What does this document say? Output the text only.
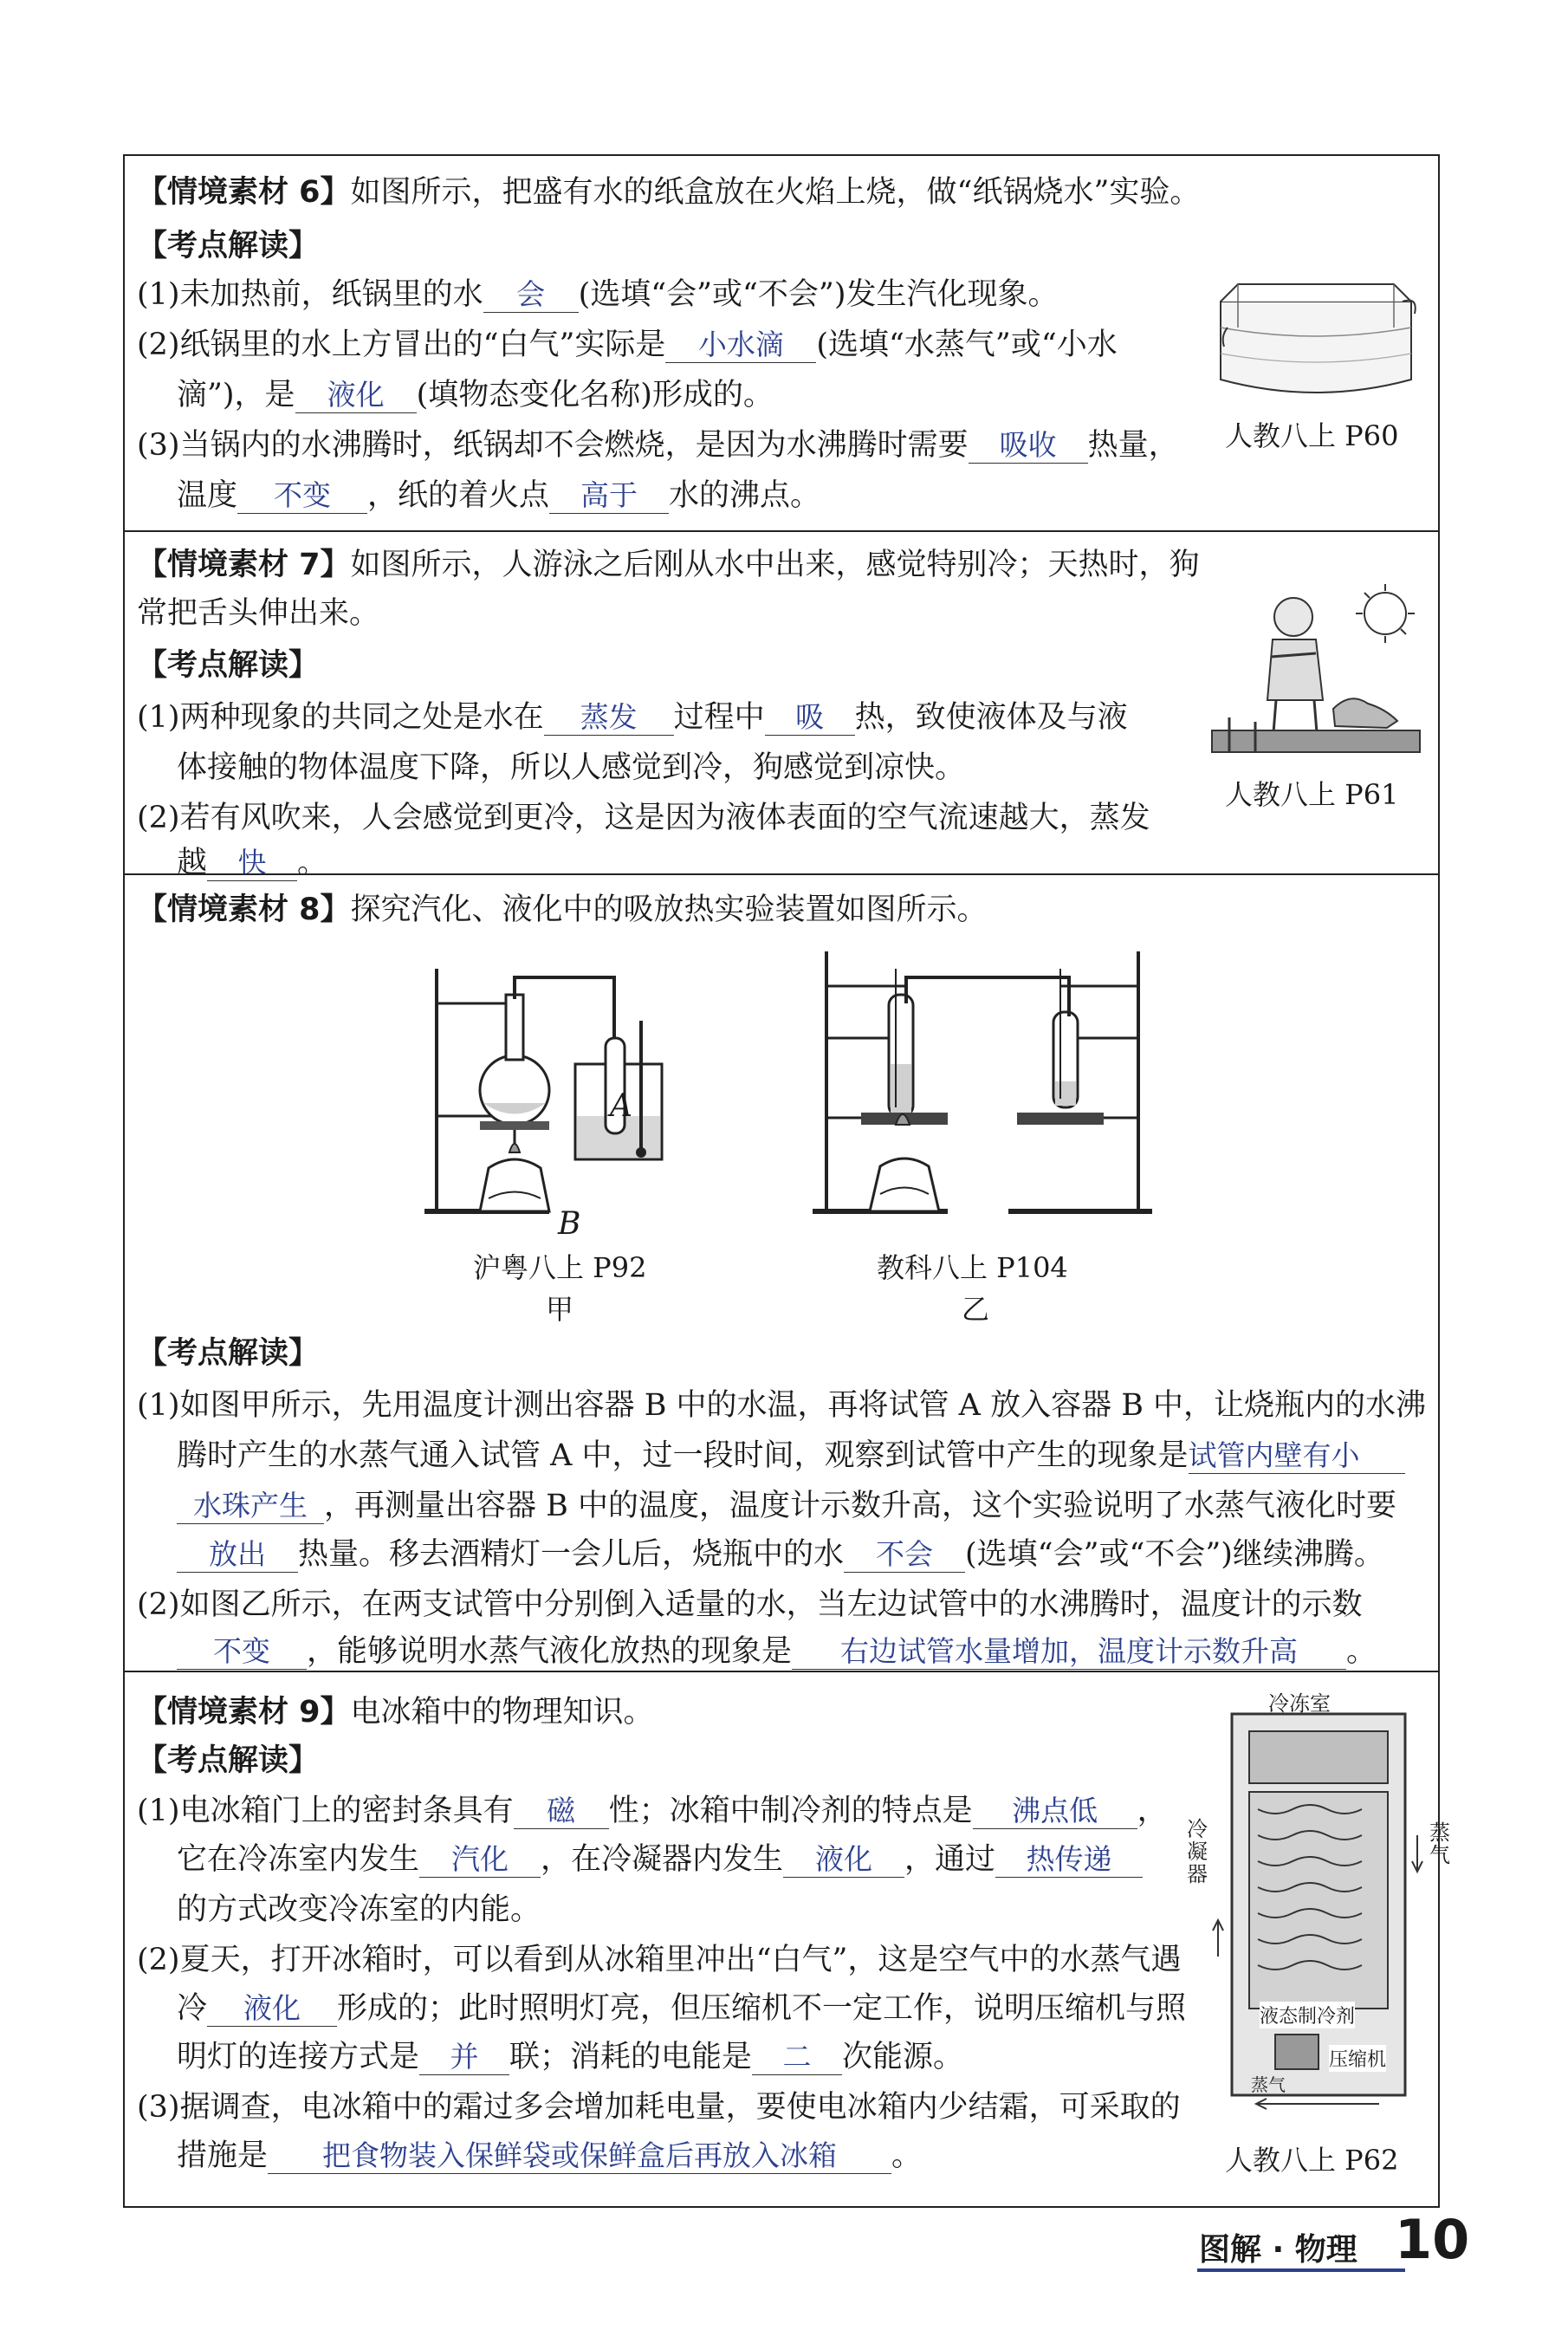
【情境素材 6】如图所示，把盛有水的纸盒放在火焰上烧，做“纸锅烧水”实验。
【考点解读】
(1)未加热前，纸锅里的水 会 (选填“会”或“不会”)发生汽化现象。
(2)纸锅里的水上方冒出的“白气”实际是 小水滴 (选填“水蒸气”或“小水
滴”)，是 液化 (填物态变化名称)形成的。
(3)当锅内的水沸腾时，纸锅却不会燃烧，是因为水沸腾时需要 吸收 热量，
温度 不变 ，纸的着火点 高于 水的沸点。
人教八上 P60
【情境素材 7】如图所示，人游泳之后刚从水中出来，感觉特别冷；天热时，狗
常把舌头伸出来。
【考点解读】
(1)两种现象的共同之处是水在 蒸发 过程中 吸 热，致使液体及与液
体接触的物体温度下降，所以人感觉到冷，狗感觉到凉快。
(2)若有风吹来，人会感觉到更冷，这是因为液体表面的空气流速越大，蒸发
越 快 。
人教八上 P61
【情境素材 8】探究汽化、液化中的吸放热实验装置如图所示。
A
B
沪粤八上 P92
甲
教科八上 P104
乙
【考点解读】
(1)如图甲所示，先用温度计测出容器 B 中的水温，再将试管 A 放入容器 B 中，让烧瓶内的水沸
腾时产生的水蒸气通入试管 A 中，过一段时间，观察到试管中产生的现象是试管内壁有小
水珠产生 ，再测量出容器 B 中的温度，温度计示数升高，这个实验说明了水蒸气液化时要
放出 热量。移去酒精灯一会儿后，烧瓶中的水 不会 (选填“会”或“不会”)继续沸腾。
(2)如图乙所示，在两支试管中分别倒入适量的水，当左边试管中的水沸腾时，温度计的示数
不变 ，能够说明水蒸气液化放热的现象是 右边试管水量增加，温度计示数升高 。
【情境素材 9】电冰箱中的物理知识。
【考点解读】
(1)电冰箱门上的密封条具有 磁 性；冰箱中制冷剂的特点是 沸点低 ，
它在冷冻室内发生 汽化 ，在冷凝器内发生 液化 ，通过 热传递
的方式改变冷冻室的内能。
(2)夏天，打开冰箱时，可以看到从冰箱里冲出“白气”，这是空气中的水蒸气遇
冷 液化 形成的；此时照明灯亮，但压缩机不一定工作，说明压缩机与照
明灯的连接方式是 并 联；消耗的电能是 二 次能源。
(3)据调查，电冰箱中的霜过多会增加耗电量，要使电冰箱内少结霜，可采取的
措施是 把食物装入保鲜袋或保鲜盒后再放入冰箱 。
冷冻室
冷凝器
蒸气
液态制冷剂
压缩机
蒸气
人教八上 P62
图解 · 物理 10
